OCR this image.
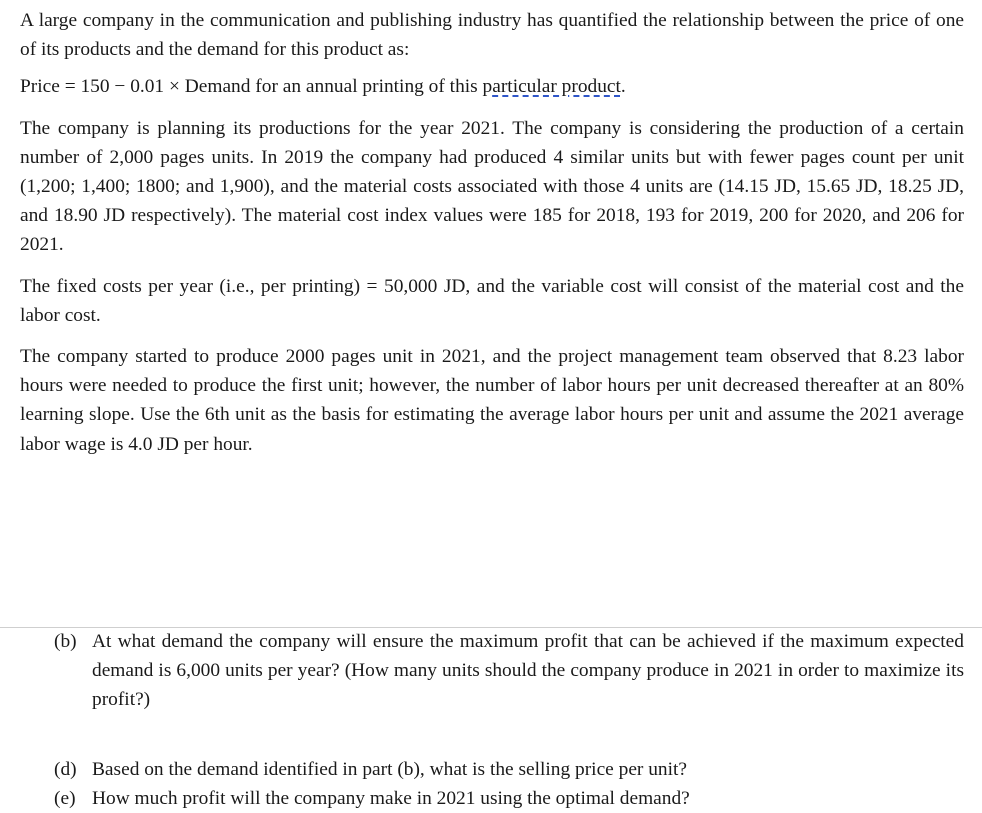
A large company in the communication and publishing industry has quantified the relationship between the price of one of its products and the demand for this product as:

Price = 150 − 0.01 × Demand for an annual printing of this particular product.

The company is planning its productions for the year 2021. The company is considering the production of a certain number of 2,000 pages units. In 2019 the company had produced 4 similar units but with fewer pages count per unit (1,200; 1,400; 1800; and 1,900), and the material costs associated with those 4 units are (14.15 JD, 15.65 JD, 18.25 JD, and 18.90 JD respectively). The material cost index values were 185 for 2018, 193 for 2019, 200 for 2020, and 206 for 2021.

The fixed costs per year (i.e., per printing) = 50,000 JD, and the variable cost will consist of the material cost and the labor cost.

The company started to produce 2000 pages unit in 2021, and the project management team observed that 8.23 labor hours were needed to produce the first unit; however, the number of labor hours per unit decreased thereafter at an 80% learning slope. Use the 6th unit as the basis for estimating the average labor hours per unit and assume the 2021 average labor wage is 4.0 JD per hour.

(b) At what demand the company will ensure the maximum profit that can be achieved if the maximum expected demand is 6,000 units per year? (How many units should the company produce in 2021 in order to maximize its profit?)
(d) Based on the demand identified in part (b), what is the selling price per unit?
(e) How much profit will the company make in 2021 using the optimal demand?
